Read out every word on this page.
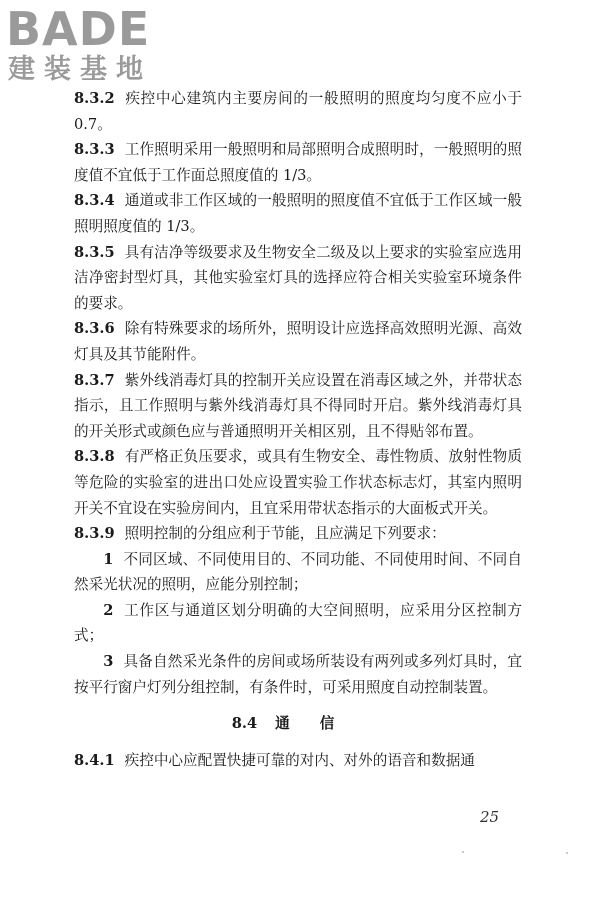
BADE
建装基地

8.3.2 疾控中心建筑内主要房间的一般照明的照度均匀度不应小于 0.7。

8.3.3 工作照明采用一般照明和局部照明合成照明时，一般照明的照度值不宜低于工作面总照度值的 1/3。

8.3.4 通道或非工作区域的一般照明的照度值不宜低于工作区域一般照明照度值的 1/3。

8.3.5 具有洁净等级要求及生物安全二级及以上要求的实验室应选用洁净密封型灯具，其他实验室灯具的选择应符合相关实验室环境条件的要求。

8.3.6 除有特殊要求的场所外，照明设计应选择高效照明光源、高效灯具及其节能附件。

8.3.7 紫外线消毒灯具的控制开关应设置在消毒区域之外，并带状态指示，且工作照明与紫外线消毒灯具不得同时开启。紫外线消毒灯具的开关形式或颜色应与普通照明开关相区别，且不得贴邻布置。

8.3.8 有严格正负压要求，或具有生物安全、毒性物质、放射性物质等危险的实验室的进出口处应设置实验工作状态标志灯，其室内照明开关不宜设在实验房间内，且宜采用带状态指示的大面板式开关。

8.3.9 照明控制的分组应利于节能，且应满足下列要求：

1 不同区域、不同使用目的、不同功能、不同使用时间、不同自然采光状况的照明，应能分别控制；

2 工作区与通道区划分明确的大空间照明，应采用分区控制方式；

3 具备自然采光条件的房间或场所装设有两列或多列灯具时，宜按平行窗户灯列分组控制，有条件时，可采用照度自动控制装置。

8.4 通信

8.4.1 疾控中心应配置快捷可靠的对内、对外的语音和数据通

25
